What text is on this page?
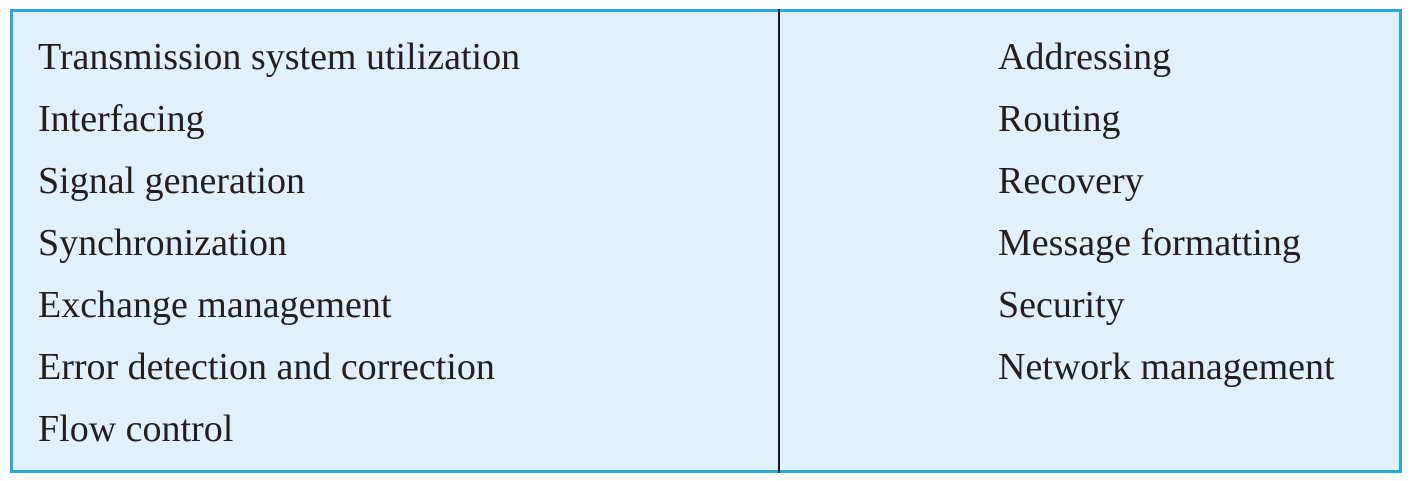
Transmission system utilization
Interfacing
Signal generation
Synchronization
Exchange management
Error detection and correction
Flow control
Addressing
Routing
Recovery
Message formatting
Security
Network management
